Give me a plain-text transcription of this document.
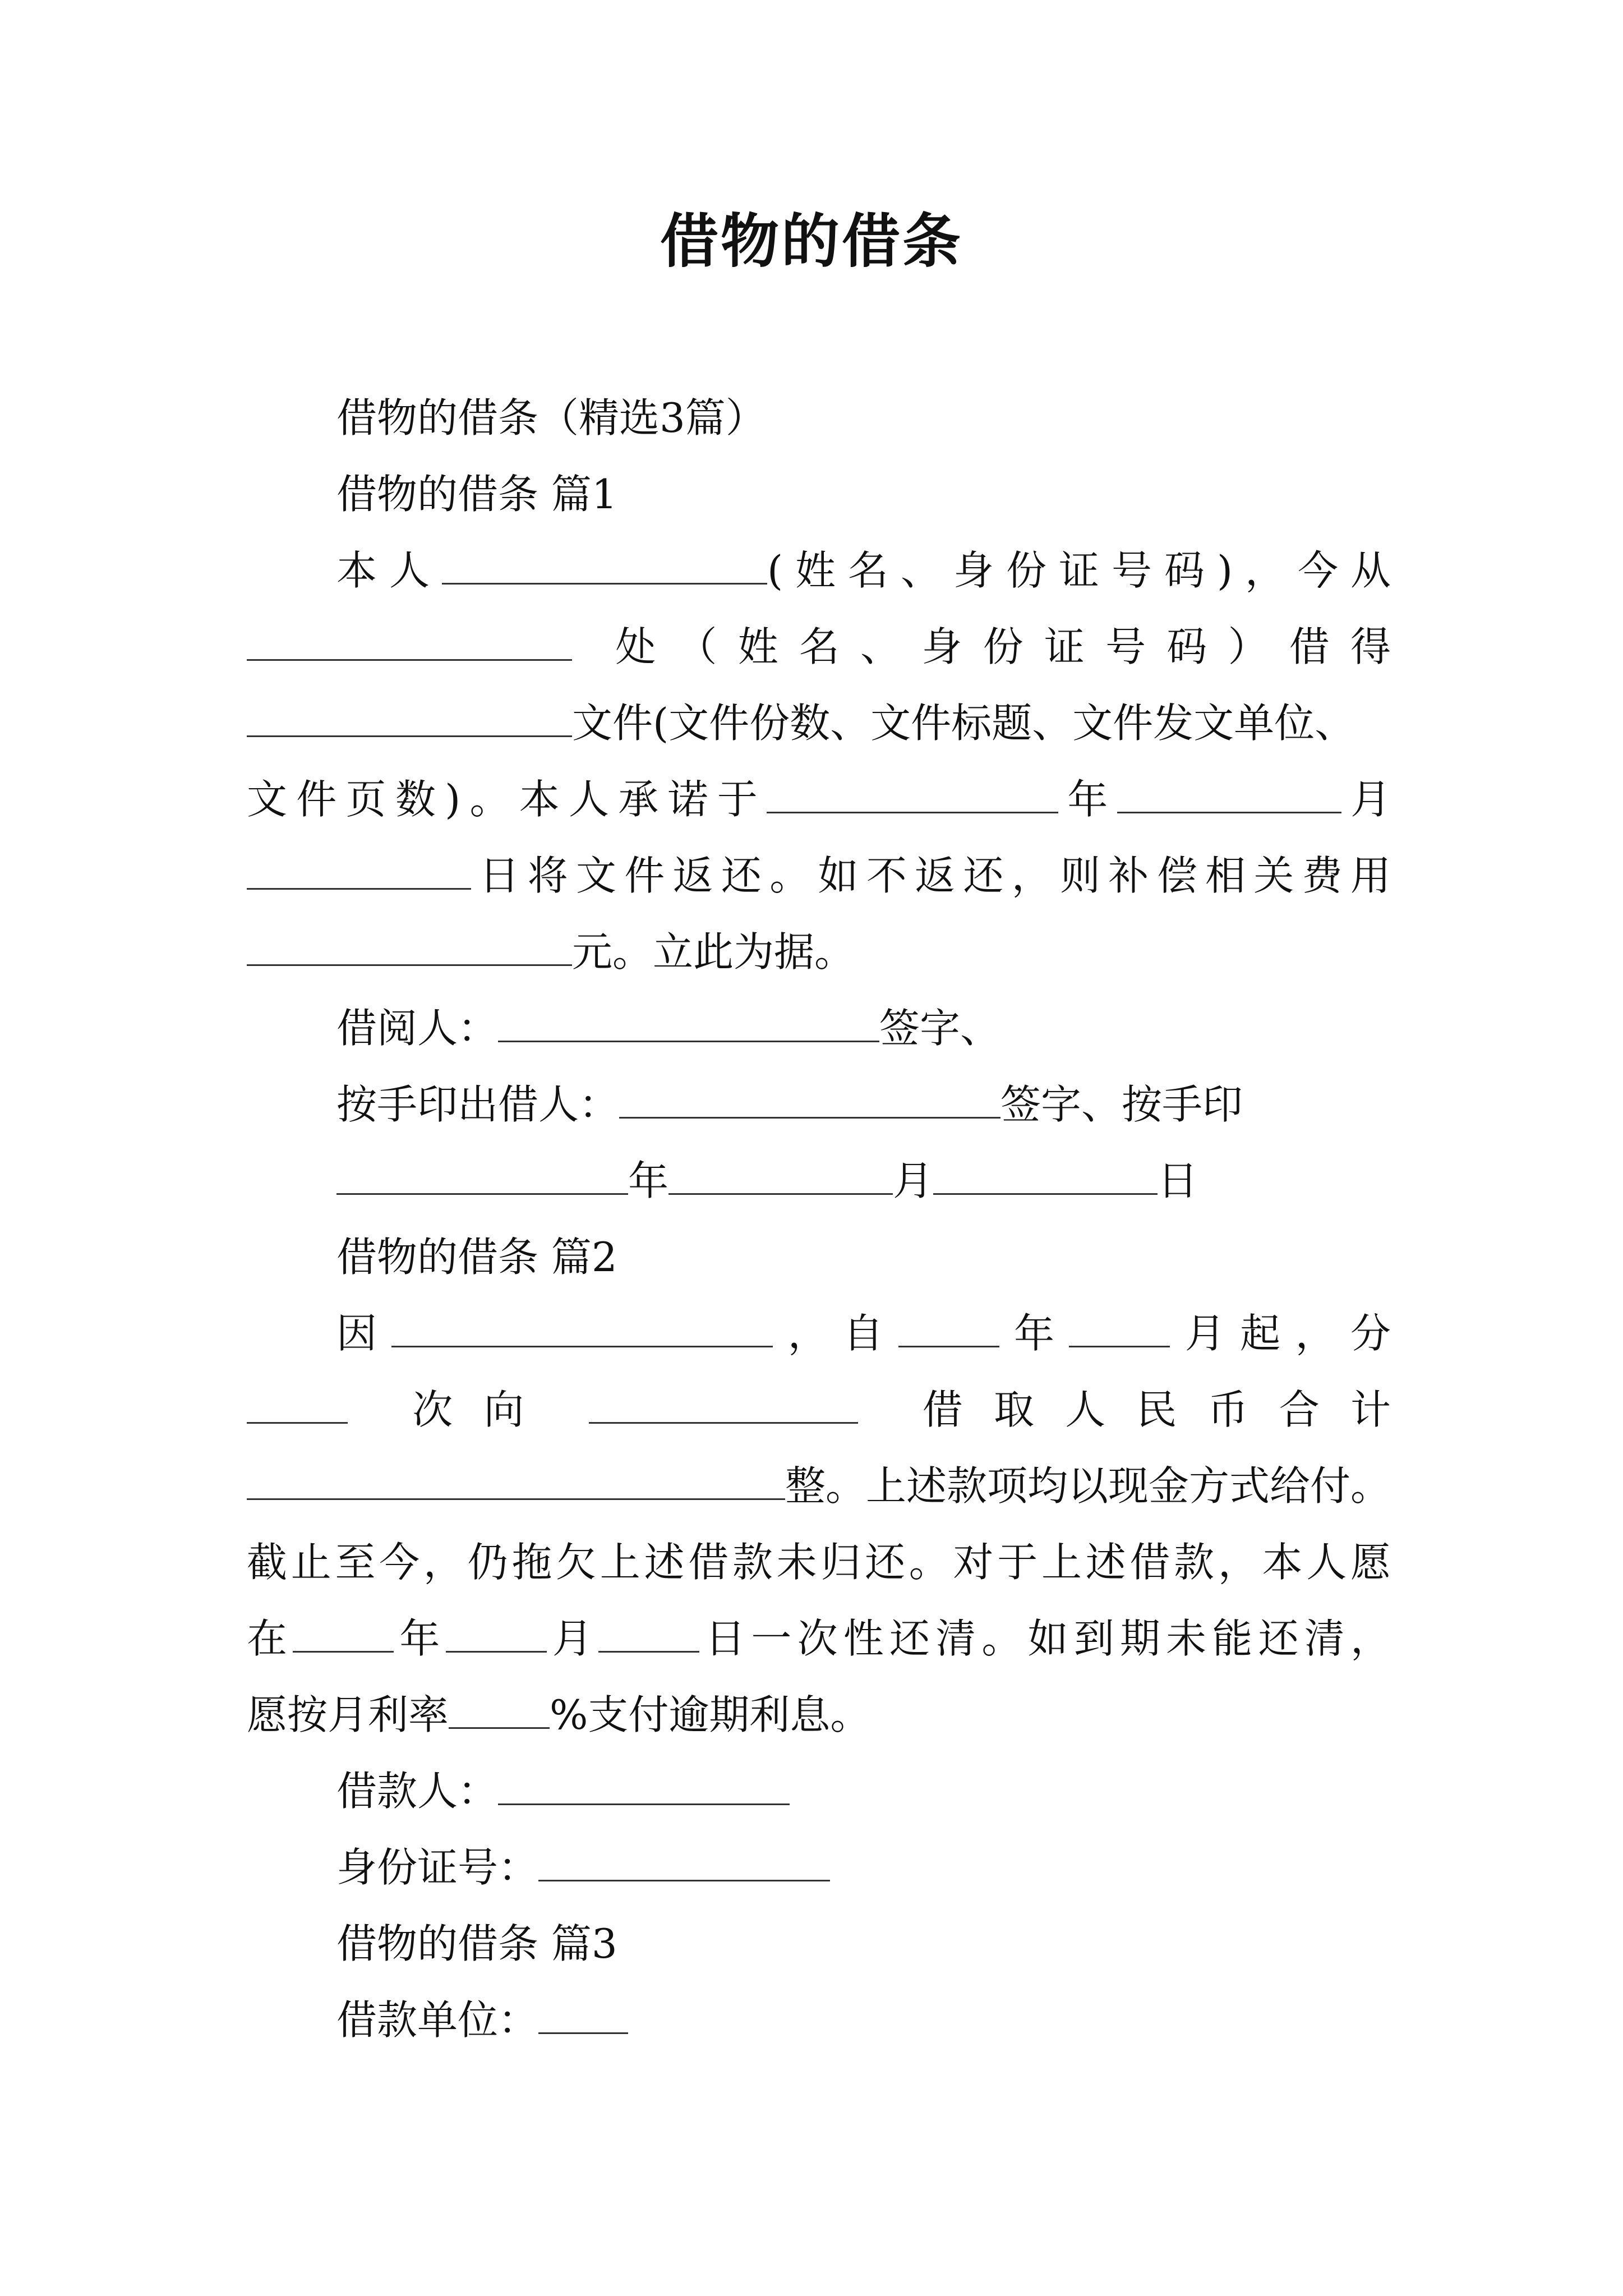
借物的借条
借物的借条（精选3篇）
借物的借条 篇1
本人	(姓名、身份证号码)，今从
处（姓名、身份证号码）借得
文件(文件份数、文件标题、文件发文单位、
文件页数)。本人承诺于	年	月
日将文件返还。如不返还，则补偿相关费用
元。立此为据。
借阅人：	签字、
按手印出借人：	签字、按手印
年	月	日
借物的借条 篇2
因	，自	年	月起，分
次向	借取人民币合计
整。上述款项均以现金方式给付。
截止至今，仍拖欠上述借款未归还。对于上述借款，本人愿
在	年	月	日一次性还清。如到期未能还清，
愿按月利率	%支付逾期利息。
借款人：
身份证号：
借物的借条 篇3
借款单位：
